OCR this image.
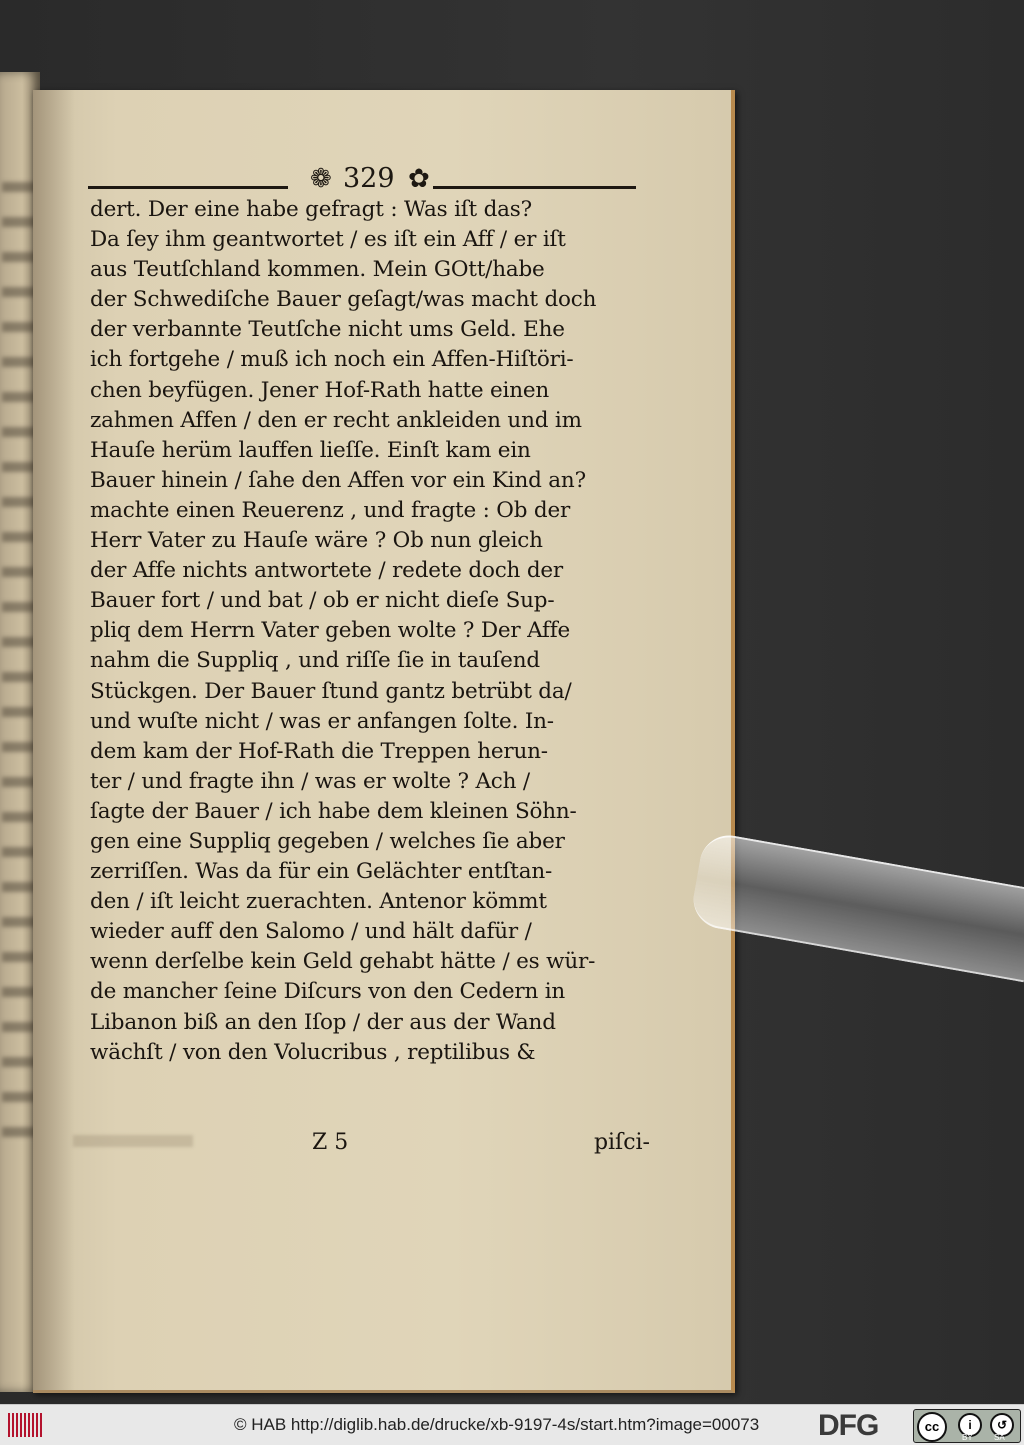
❁ 329 ✿
dert. Der eine habe gefragt : Was iſt das?
Da ſey ihm geantwortet / es iſt ein Aff / er iſt
aus Teutſchland kommen. Mein GOtt/habe
der Schwediſche Bauer geſagt/was macht doch
der verbannte Teutſche nicht ums Geld. Ehe
ich fortgehe / muß ich noch ein Affen-Hiſtöri-
chen beyfügen. Jener Hof-Rath hatte einen
zahmen Affen / den er recht ankleiden und im
Hauſe herüm lauffen lieſſe. Einſt kam ein
Bauer hinein / ſahe den Affen vor ein Kind an?
machte einen Reuerenz , und fragte : Ob der
Herr Vater zu Hauſe wäre ? Ob nun gleich
der Affe nichts antwortete / redete doch der
Bauer fort / und bat / ob er nicht dieſe Sup-
pliq dem Herrn Vater geben wolte ? Der Affe
nahm die Suppliq , und riſſe ſie in tauſend
Stückgen. Der Bauer ſtund gantz betrübt da/
und wuſte nicht / was er anfangen ſolte. In-
dem kam der Hof-Rath die Treppen herun-
ter / und fragte ihn / was er wolte ? Ach /
ſagte der Bauer / ich habe dem kleinen Söhn-
gen eine Suppliq gegeben / welches ſie aber
zerriſſen. Was da für ein Gelächter entſtan-
den / iſt leicht zuerachten. Antenor kömmt
wieder auff den Salomo / und hält dafür /
wenn derſelbe kein Geld gehabt hätte / es wür-
de mancher ſeine Diſcurs von den Cedern in
Libanon biß an den Iſop / der aus der Wand
wächſt / von den Volucribus , reptilibus &
Z 5	piſci-
© HAB http://diglib.hab.de/drucke/xb-9197-4s/start.htm?image=00073 DFG	cc	i	↺
BY	SA
